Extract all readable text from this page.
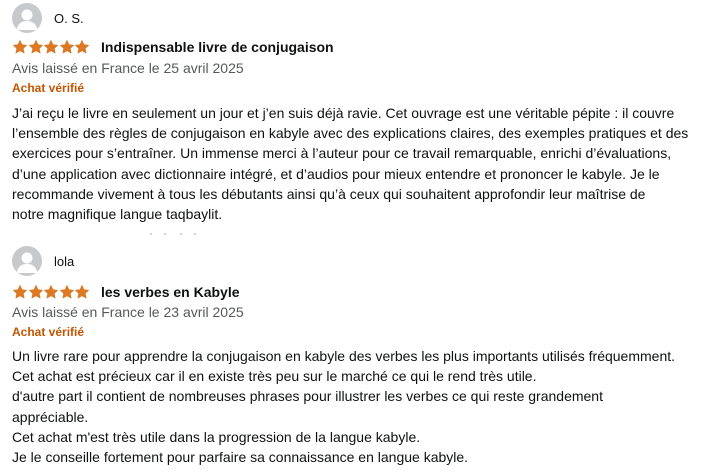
O. S.
Indispensable livre de conjugaison
Avis laissé en France le 25 avril 2025
Achat vérifié

J’ai reçu le livre en seulement un jour et j’en suis déjà ravie. Cet ouvrage est une véritable pépite : il couvre

l’ensemble des règles de conjugaison en kabyle avec des explications claires, des exemples pratiques et des

exercices pour s’entraîner. Un immense merci à l’auteur pour ce travail remarquable, enrichi d’évaluations,

d’une application avec dictionnaire intégré, et d’audios pour mieux entendre et prononcer le kabyle. Je le

recommande vivement à tous les débutants ainsi qu’à ceux qui souhaitent approfondir leur maîtrise de

notre magnifique langue taqbaylit.

lola
les verbes en Kabyle
Avis laissé en France le 23 avril 2025
Achat vérifié

Un livre rare pour apprendre la conjugaison en kabyle des verbes les plus importants utilisés fréquemment.

Cet achat est précieux car il en existe très peu sur le marché ce qui le rend très utile.

d'autre part il contient de nombreuses phrases pour illustrer les verbes ce qui reste grandement

appréciable.

Cet achat m'est très utile dans la progression de la langue kabyle.

Je le conseille fortement pour parfaire sa connaissance en langue kabyle.
